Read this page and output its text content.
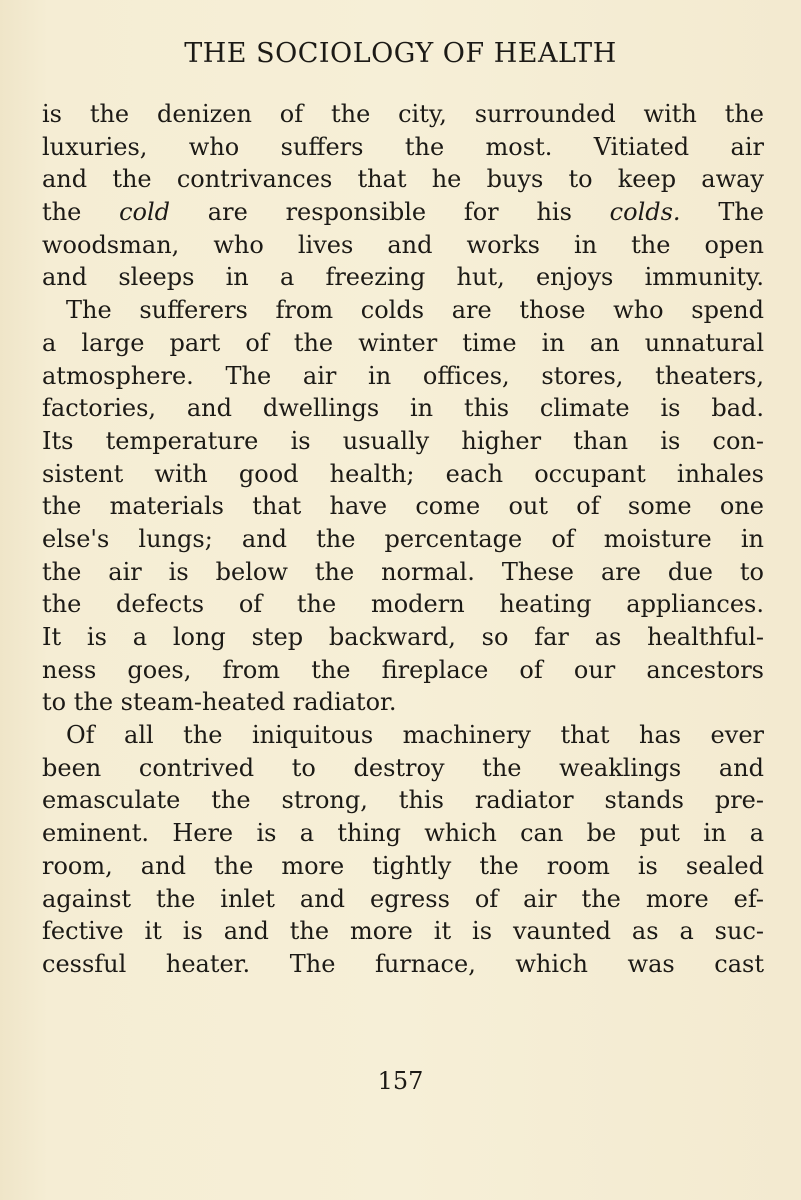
THE SOCIOLOGY OF HEALTH
is the denizen of the city, surrounded with the
luxuries, who suffers the most. Vitiated air
and the contrivances that he buys to keep away
the cold are responsible for his colds. The
woodsman, who lives and works in the open
and sleeps in a freezing hut, enjoys immunity.
The sufferers from colds are those who spend
a large part of the winter time in an unnatural
atmosphere. The air in offices, stores, theaters,
factories, and dwellings in this climate is bad.
Its temperature is usually higher than is con-
sistent with good health; each occupant inhales
the materials that have come out of some one
else's lungs; and the percentage of moisture in
the air is below the normal. These are due to
the defects of the modern heating appliances.
It is a long step backward, so far as healthful-
ness goes, from the fireplace of our ancestors
to the steam-heated radiator.
Of all the iniquitous machinery that has ever
been contrived to destroy the weaklings and
emasculate the strong, this radiator stands pre-
eminent. Here is a thing which can be put in a
room, and the more tightly the room is sealed
against the inlet and egress of air the more ef-
fective it is and the more it is vaunted as a suc-
cessful heater. The furnace, which was cast
157
